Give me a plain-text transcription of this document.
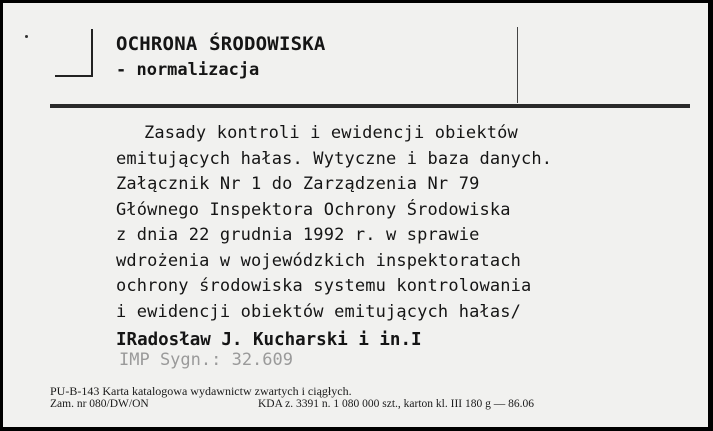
OCHRONA ŚRODOWISKA
- normalizacja
Zasady kontroli i ewidencji obiektów
emitujących hałas. Wytyczne i baza danych.
Załącznik Nr 1 do Zarządzenia Nr 79
Głównego Inspektora Ochrony Środowiska
z dnia 22 grudnia 1992 r. w sprawie
wdrożenia w wojewódzkich inspektoratach
ochrony środowiska systemu kontrolowania
i ewidencji obiektów emitujących hałas/
IRadosław J. Kucharski i in.I
IMP Sygn.: 32.609
PU-B-143 Karta katalogowa wydawnictw zwartych i ciągłych.
Zam. nr 080/DW/ON	KDA z. 3391 n. 1 080 000 szt., karton kl. III 180 g — 86.06
